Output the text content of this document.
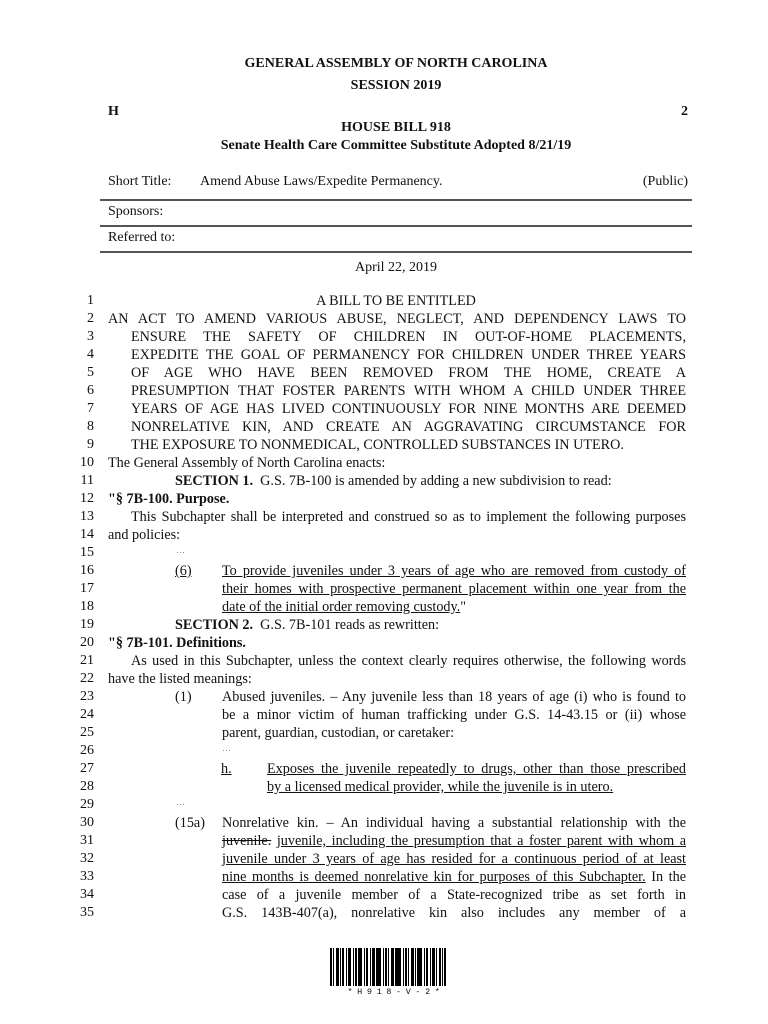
GENERAL ASSEMBLY OF NORTH CAROLINA
SESSION 2019
H	2
HOUSE BILL 918
Senate Health Care Committee Substitute Adopted 8/21/19
Short Title: Amend Abuse Laws/Expedite Permanency.	(Public)
Sponsors:
Referred to:
April 22, 2019
1	A BILL TO BE ENTITLED
2 AN ACT TO AMEND VARIOUS ABUSE, NEGLECT, AND DEPENDENCY LAWS TO
3	ENSURE THE SAFETY OF CHILDREN IN OUT-OF-HOME PLACEMENTS,
4	EXPEDITE THE GOAL OF PERMANENCY FOR CHILDREN UNDER THREE YEARS
5	OF AGE WHO HAVE BEEN REMOVED FROM THE HOME, CREATE A
6	PRESUMPTION THAT FOSTER PARENTS WITH WHOM A CHILD UNDER THREE
7	YEARS OF AGE HAS LIVED CONTINUOUSLY FOR NINE MONTHS ARE DEEMED
8	NONRELATIVE KIN, AND CREATE AN AGGRAVATING CIRCUMSTANCE FOR
9	THE EXPOSURE TO NONMEDICAL, CONTROLLED SUBSTANCES IN UTERO.
10 The General Assembly of North Carolina enacts:
11	SECTION 1. G.S. 7B-100 is amended by adding a new subdivision to read:
12 "§ 7B-100. Purpose.
13	This Subchapter shall be interpreted and construed so as to implement the following purposes
14 and policies:
15	…
16	(6) To provide juveniles under 3 years of age who are removed from custody of
17	their homes with prospective permanent placement within one year from the
18	date of the initial order removing custody."
19	SECTION 2. G.S. 7B-101 reads as rewritten:
20 "§ 7B-101. Definitions.
21	As used in this Subchapter, unless the context clearly requires otherwise, the following words
22 have the listed meanings:
23	(1) Abused juveniles. – Any juvenile less than 18 years of age (i) who is found to
24	be a minor victim of human trafficking under G.S. 14-43.15 or (ii) whose
25	parent, guardian, custodian, or caretaker:
26	…
27	h. Exposes the juvenile repeatedly to drugs, other than those prescribed
28	by a licensed medical provider, while the juvenile is in utero.
29	…
30	(15a) Nonrelative kin. – An individual having a substantial relationship with the
31	juvenile. juvenile, including the presumption that a foster parent with whom a
32	juvenile under 3 years of age has resided for a continuous period of at least
33	nine months is deemed nonrelative kin for purposes of this Subchapter. In the
34	case of a juvenile member of a State-recognized tribe as set forth in
35	G.S. 143B-407(a), nonrelative kin also includes any member of a
*H918-V-2*
